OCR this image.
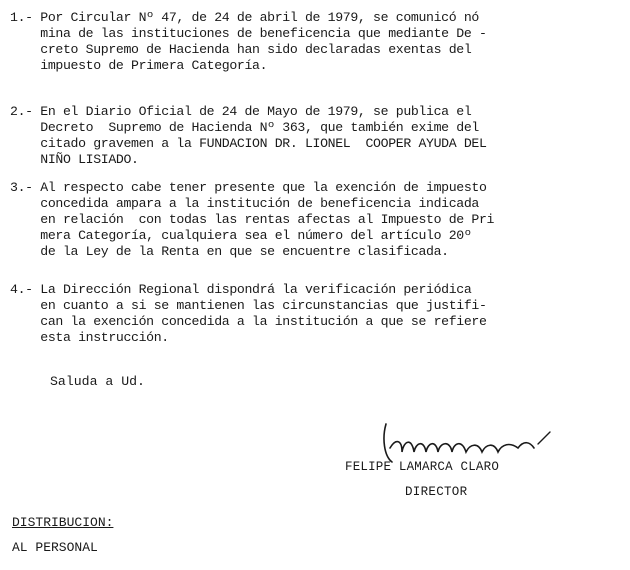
1.- Por Circular Nº 47, de 24 de abril de 1979, se comunicó nó
mina de las instituciones de beneficencia que mediante De -
creto Supremo de Hacienda han sido declaradas exentas del
impuesto de Primera Categoría.
2.- En el Diario Oficial de 24 de Mayo de 1979, se publica el
Decreto  Supremo de Hacienda Nº 363, que también exime del
citado gravemen a la FUNDACION DR. LIONEL  COOPER AYUDA DEL
NIÑO LISIADO.
3.- Al respecto cabe tener presente que la exención de impuesto
concedida ampara a la institución de beneficencia indicada
en relación  con todas las rentas afectas al Impuesto de Pri
mera Categoría, cualquiera sea el número del artículo 20º
de la Ley de la Renta en que se encuentre clasificada.
4.- La Dirección Regional dispondrá la verificación periódica
en cuanto a si se mantienen las circunstancias que justifi-
can la exención concedida a la institución a que se refiere
esta instrucción.
Saluda a Ud.
FELIPE LAMARCA CLARO
DIRECTOR
DISTRIBUCION:
AL PERSONAL
